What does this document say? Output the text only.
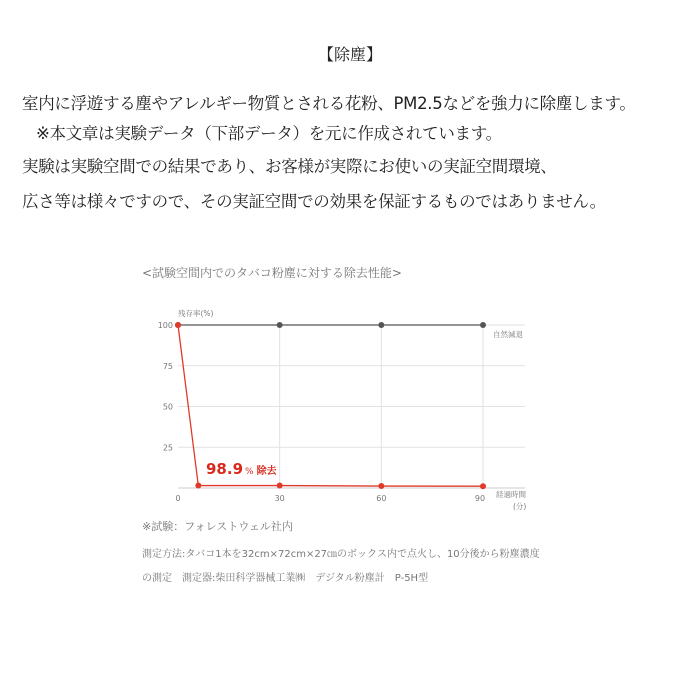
【除塵】
室内に浮遊する塵やアレルギー物質とされる花粉、PM2.5などを強力に除塵します。
※本文章は実験データ（下部データ）を元に作成されています。
実験は実験空間での結果であり、お客様が実際にお使いの実証空間環境、
広さ等は様々ですので、その実証空間での効果を保証するものではありません。
<試験空間内でのタバコ粉塵に対する除去性能>
残存率(%)
自然減退
経過時間
(分)
25
50
75
100
0	30	60	90
98.9 % 除去
※試験：フォレストウェル社内
測定方法:タバコ1本を32cm×72cm×27㎝のボックス内で点火し、10分後から粉塵濃度
の測定　測定器:柴田科学器械工業㈱　デジタル粉塵計　P-5H型
